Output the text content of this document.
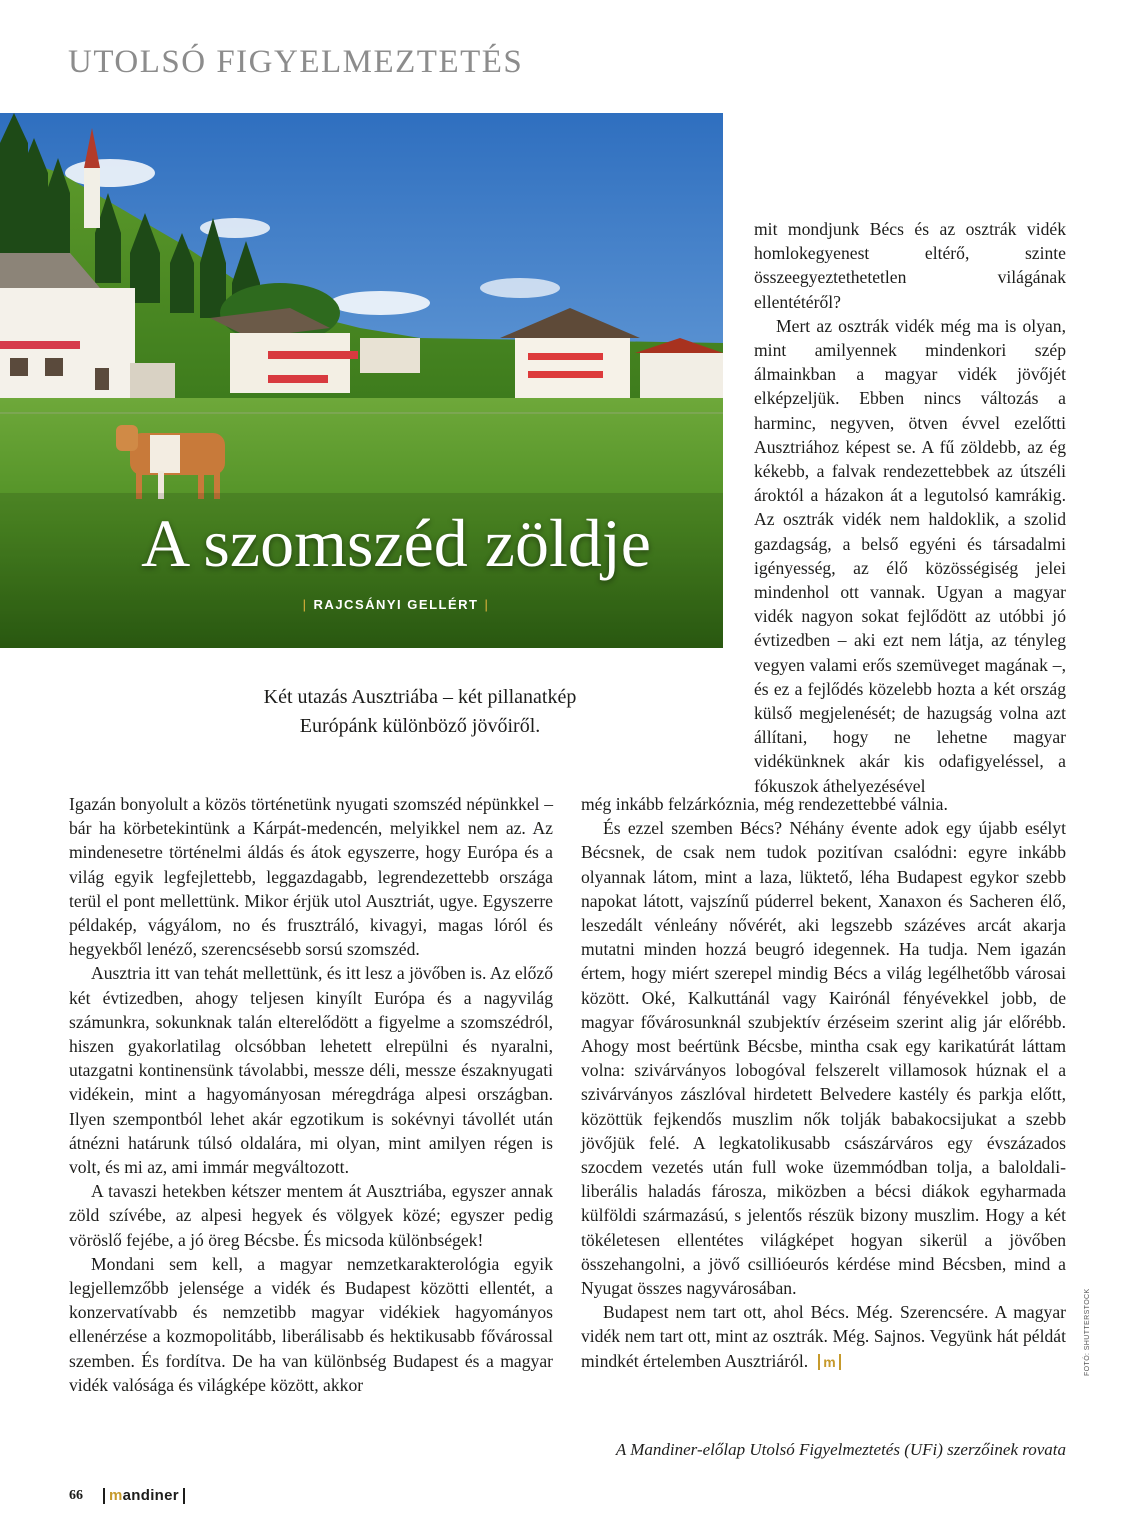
UTOLSÓ FIGYELMEZTETÉS
A szomszéd zöldje
| RAJCSÁNYI GELLÉRT |
Két utazás Ausztriába – két pillanatkép
Európánk különböző jövőiről.

mit mondjunk Bécs és az osztrák vidék homlokegyenest eltérő, szinte összeegyeztethetetlen világának ellentétéről?

Mert az osztrák vidék még ma is olyan, mint amilyennek mindenkori szép álmainkban a magyar vidék jövőjét elképzeljük. Ebben nincs változás a harminc, negyven, ötven évvel ezelőtti Ausztriához képest se. A fű zöldebb, az ég kékebb, a falvak rendezettebbek az útszéli ároktól a házakon át a legutolsó kamrákig. Az osztrák vidék nem haldoklik, a szolid gazdagság, a belső egyéni és társadalmi igényesség, az élő közösségiség jelei mindenhol ott vannak. Ugyan a magyar vidék nagyon sokat fejlődött az utóbbi jó évtizedben – aki ezt nem látja, az tényleg vegyen valami erős szemüveget magának –, és ez a fejlődés közelebb hozta a két ország külső megjelenését; de hazugság volna azt állítani, hogy ne lehetne magyar vidékünknek akár kis odafigyeléssel, a fókuszok áthelyezésével

Igazán bonyolult a közös történetünk nyugati szomszéd népünkkel – bár ha körbetekintünk a Kárpát-medencén, melyikkel nem az. Az mindenesetre történelmi áldás és átok egyszerre, hogy Európa és a világ egyik legfejlettebb, leggazdagabb, legrendezettebb országa terül el pont mellettünk. Mikor érjük utol Ausztriát, ugye. Egyszerre példakép, vágyálom, no és frusztráló, kivagyi, magas lóról és hegyekből lenéző, szerencsésebb sorsú szomszéd.

Ausztria itt van tehát mellettünk, és itt lesz a jövőben is. Az előző két évtizedben, ahogy teljesen kinyílt Európa és a nagyvilág számunkra, sokunknak talán elterelődött a figyelme a szomszédról, hiszen gyakorlatilag olcsóbban lehetett elrepülni és nyaralni, utazgatni kontinensünk távolabbi, messze déli, messze északnyugati vidékein, mint a hagyományosan méregdrága alpesi országban. Ilyen szempontból lehet akár egzotikum is sokévnyi távollét után átnézni határunk túlsó oldalára, mi olyan, mint amilyen régen is volt, és mi az, ami immár megváltozott.

A tavaszi hetekben kétszer mentem át Ausztriába, egyszer annak zöld szívébe, az alpesi hegyek és völgyek közé; egyszer pedig vöröslő fejébe, a jó öreg Bécsbe. És micsoda különbségek!

Mondani sem kell, a magyar nemzetkarakterológia egyik legjellemzőbb jelensége a vidék és Budapest közötti ellentét, a konzervatívabb és nemzetibb magyar vidékiek hagyományos ellenérzése a kozmopolitább, liberálisabb és hektikusabb fővárossal szemben. És fordítva. De ha van különbség Budapest és a magyar vidék valósága és világképe között, akkor

még inkább felzárkóznia, még rendezettebbé válnia.

És ezzel szemben Bécs? Néhány évente adok egy újabb esélyt Bécsnek, de csak nem tudok pozitívan csalódni: egyre inkább olyannak látom, mint a laza, lüktető, léha Budapest egykor szebb napokat látott, vajszínű púderrel bekent, Xanaxon és Sacheren élő, leszedált vénleány nővérét, aki legszebb százéves arcát akarja mutatni minden hozzá beugró idegennek. Ha tudja. Nem igazán értem, hogy miért szerepel mindig Bécs a világ legélhetőbb városai között. Oké, Kalkuttánál vagy Kairónál fényévekkel jobb, de magyar fővárosunknál szubjektív érzéseim szerint alig jár előrébb. Ahogy most beértünk Bécsbe, mintha csak egy karikatúrát láttam volna: szivárványos lobogóval felszerelt villamosok húznak el a szivárványos zászlóval hirdetett Belvedere kastély és parkja előtt, közöttük fejkendős muszlim nők tolják babakocsijukat a szebb jövőjük felé. A legkatolikusabb császárváros egy évszázados szocdem vezetés után full woke üzemmódban tolja, a baloldali-liberális haladás fárosza, miközben a bécsi diákok egyharmada külföldi származású, s jelentős részük bizony muszlim. Hogy a két tökéletesen ellentétes világképet hogyan sikerül a jövőben összehangolni, a jövő csillióeurós kérdése mind Bécsben, mind a Nyugat összes nagyvárosában.

Budapest nem tart ott, ahol Bécs. Még. Szerencsére. A magyar vidék nem tart ott, mint az osztrák. Még. Sajnos. Vegyünk hát példát mindkét értelemben Ausztriáról. m

A Mandiner-előlap Utolsó Figyelmeztetés (UFi) szerzőinek rovata
FOTÓ: SHUTTERSTOCK
66	mandiner
